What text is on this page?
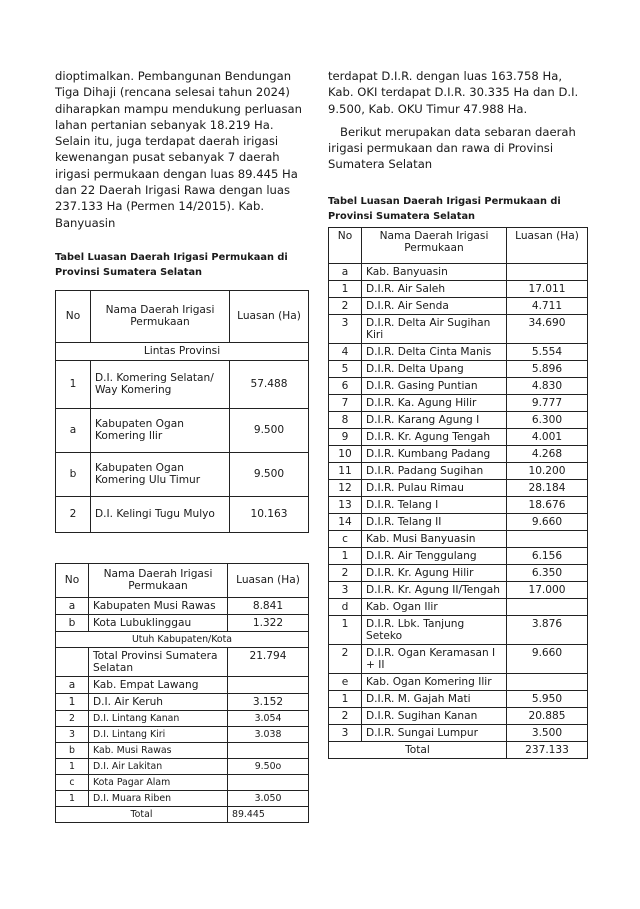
dioptimalkan. Pembangunan Bendungan Tiga Dihaji (rencana selesai tahun 2024) diharapkan mampu mendukung perluasan lahan pertanian sebanyak 18.219 Ha. Selain itu, juga terdapat daerah irigasi kewenangan pusat sebanyak 7 daerah irigasi permukaan dengan luas 89.445 Ha dan 22 Daerah Irigasi Rawa dengan luas 237.133 Ha (Permen 14/2015). Kab. Banyuasin

Tabel Luasan Daerah Irigasi Permukaan di Provinsi Sumatera Selatan

No	Nama Daerah Irigasi Permukaan	Luasan (Ha)
Lintas Provinsi		
1	D.I. Komering Selatan/ Way Komering	57.488
a	Kabupaten Ogan Komering Ilir	9.500
b	Kabupaten Ogan Komering Ulu Timur	9.500
2	D.I. Kelingi Tugu Mulyo	10.163
No	Nama Daerah Irigasi Permukaan	Luasan (Ha)
a	Kabupaten Musi Rawas	8.841
b	Kota Lubuklinggau	1.322
Utuh Kabupaten/Kota		
	Total Provinsi Sumatera Selatan	21.794
a	Kab. Empat Lawang	
1	D.I. Air Keruh	3.152
2	D.I. Lintang Kanan	3.054
3	D.I. Lintang Kiri	3.038
b	Kab. Musi Rawas	
1	D.I. Air Lakitan	9.50o
c	Kota Pagar Alam	
1	D.I. Muara Riben	3.050
Total		89.445

terdapat D.I.R. dengan luas 163.758 Ha, Kab. OKI terdapat D.I.R. 30.335 Ha dan D.I. 9.500, Kab. OKU Timur 47.988 Ha.

Berikut merupakan data sebaran daerah irigasi permukaan dan rawa di Provinsi Sumatera Selatan

Tabel Luasan Daerah Irigasi Permukaan di Provinsi Sumatera Selatan

No	Nama Daerah Irigasi Permukaan	Luasan (Ha)
a	Kab. Banyuasin	
1	D.I.R. Air Saleh	17.011
2	D.I.R. Air Senda	4.711
3	D.I.R. Delta Air Sugihan Kiri	34.690
4	D.I.R. Delta Cinta Manis	5.554
5	D.I.R. Delta Upang	5.896
6	D.I.R. Gasing Puntian	4.830
7	D.I.R. Ka. Agung Hilir	9.777
8	D.I.R. Karang Agung I	6.300
9	D.I.R. Kr. Agung Tengah	4.001
10	D.I.R. Kumbang Padang	4.268
11	D.I.R. Padang Sugihan	10.200
12	D.I.R. Pulau Rimau	28.184
13	D.I.R. Telang I	18.676
14	D.I.R. Telang II	9.660
c	Kab. Musi Banyuasin	
1	D.I.R. Air Tenggulang	6.156
2	D.I.R. Kr. Agung Hilir	6.350
3	D.I.R. Kr. Agung II/Tengah	17.000
d	Kab. Ogan Ilir	
1	D.I.R. Lbk. Tanjung Seteko	3.876
2	D.I.R. Ogan Keramasan I + II	9.660
e	Kab. Ogan Komering Ilir	
1	D.I.R. M. Gajah Mati	5.950
2	D.I.R. Sugihan Kanan	20.885
3	D.I.R. Sungai Lumpur	3.500
Total		237.133
